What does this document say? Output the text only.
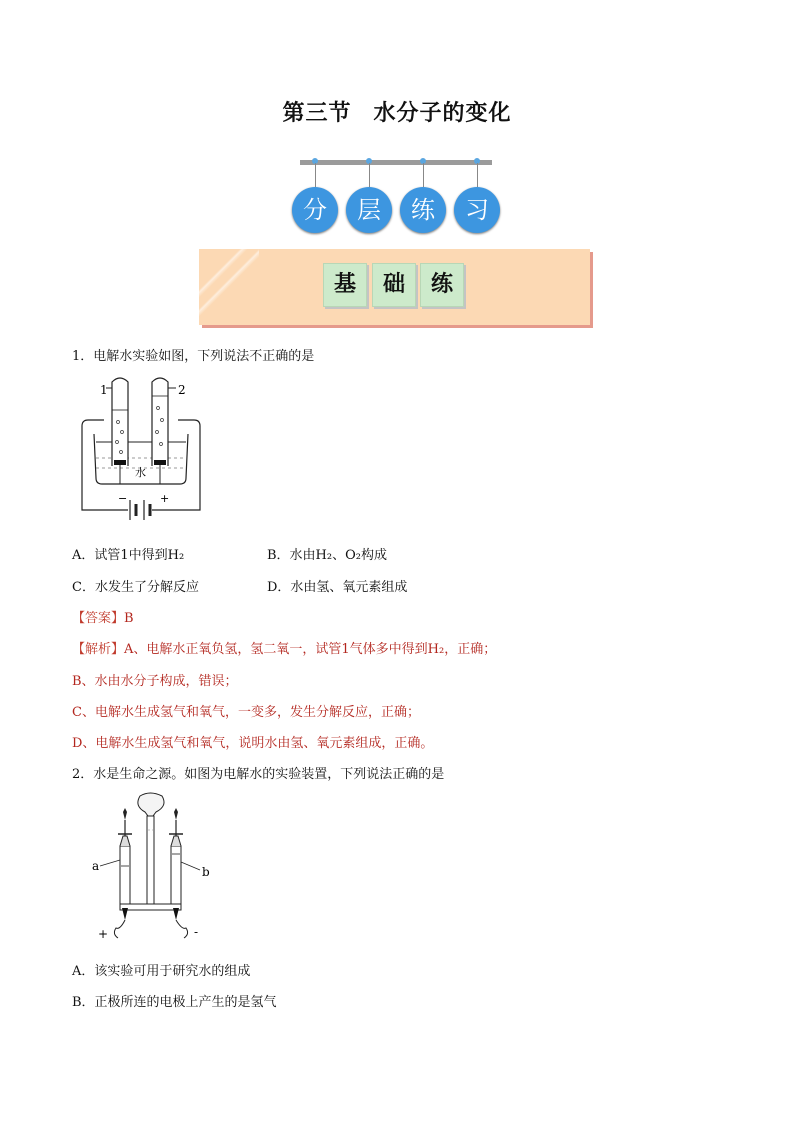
第三节 水分子的变化
分	层	练	习
基	础	练
1．电解水实验如图，下列说法不正确的是
−	+
水
1	2
A．试管1中得到H₂	B．水由H₂、O₂构成
C．水发生了分解反应	D．水由氢、氧元素组成
【答案】B
【解析】A、电解水正氧负氢，氢二氧一，试管1气体多中得到H₂，正确；
B、水由水分子构成，错误；
C、电解水生成氢气和氧气，一变多，发生分解反应，正确；
D、电解水生成氢气和氧气，说明水由氢、氧元素组成，正确。
2．水是生命之源。如图为电解水的实验装置，下列说法正确的是
a	b
+	-
A．该实验可用于研究水的组成
B．正极所连的电极上产生的是氢气
